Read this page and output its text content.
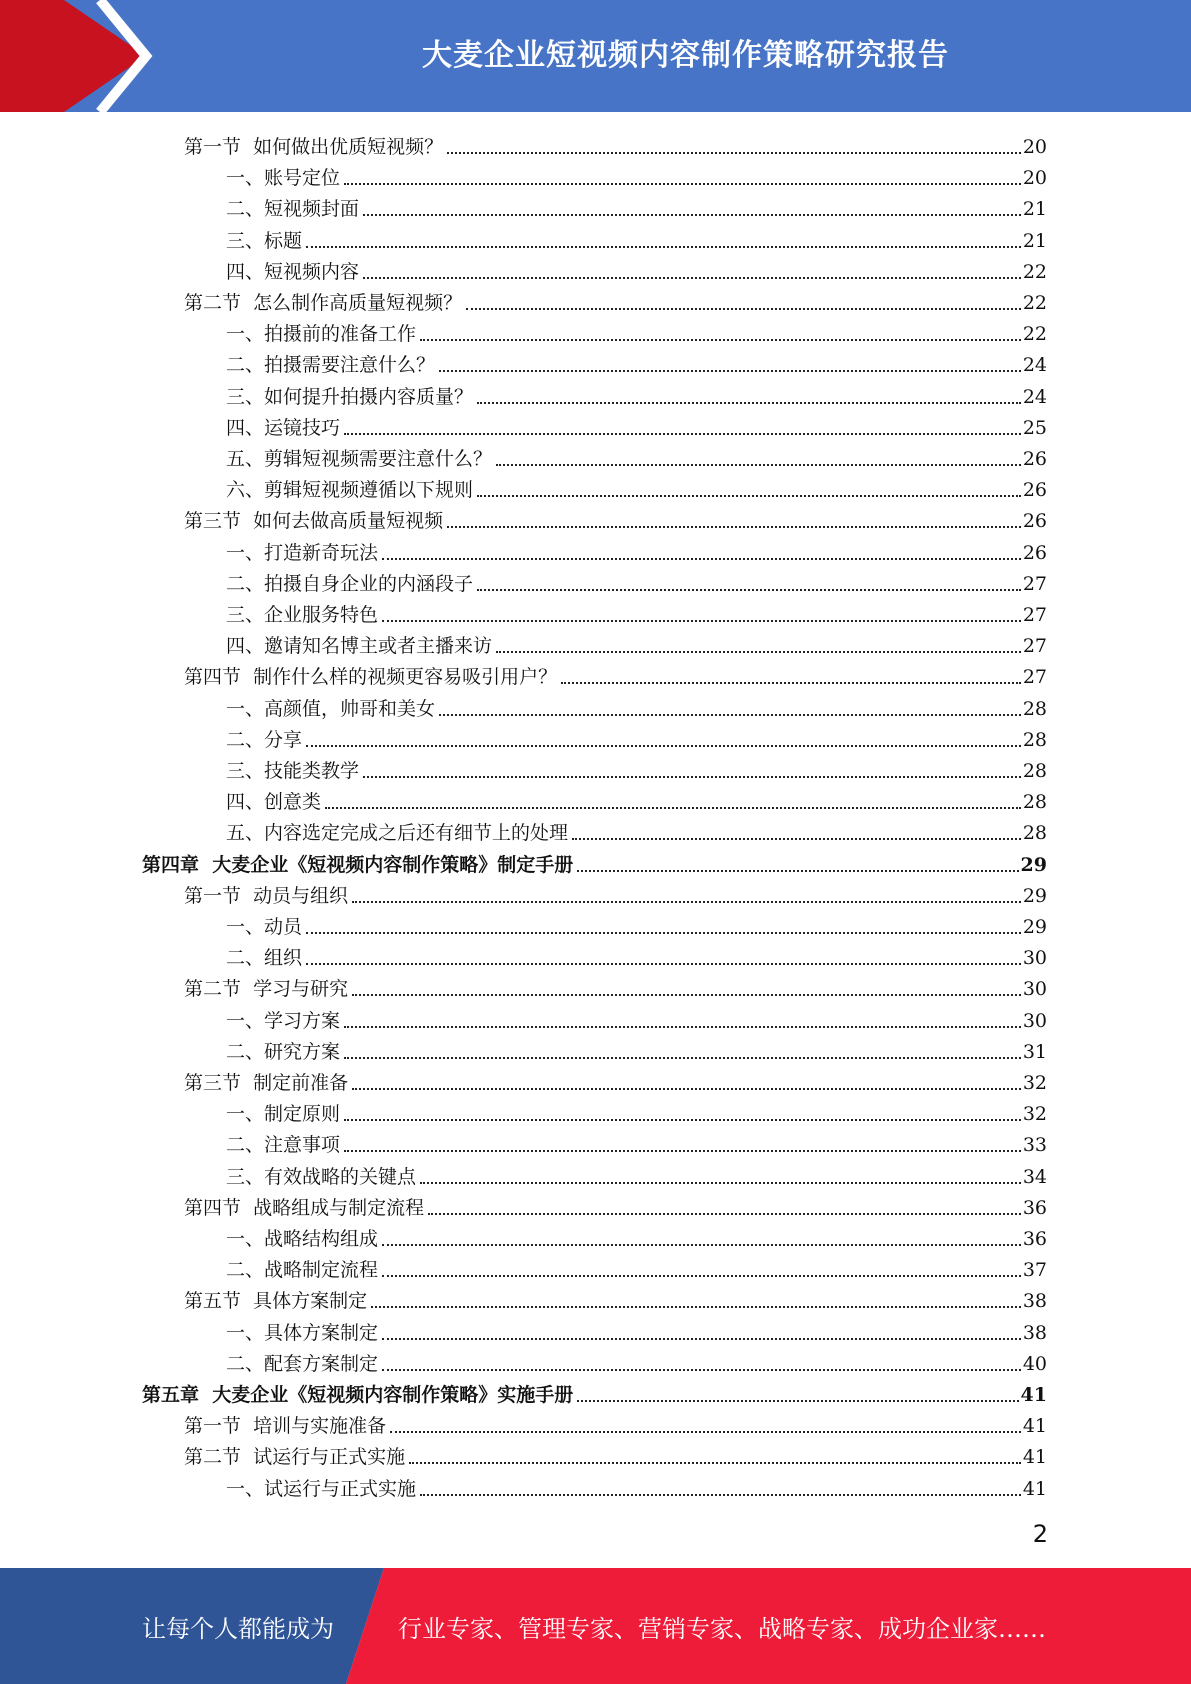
大麦企业短视频内容制作策略研究报告
第一节  如何做出优质短视频？	20
一、账号定位	20
二、短视频封面	21
三、标题	21
四、短视频内容	22
第二节  怎么制作高质量短视频？	22
一、拍摄前的准备工作	22
二、拍摄需要注意什么？	24
三、如何提升拍摄内容质量？	24
四、运镜技巧	25
五、剪辑短视频需要注意什么？	26
六、剪辑短视频遵循以下规则	26
第三节  如何去做高质量短视频	26
一、打造新奇玩法	26
二、拍摄自身企业的内涵段子	27
三、企业服务特色	27
四、邀请知名博主或者主播来访	27
第四节  制作什么样的视频更容易吸引用户？	27
一、高颜值，帅哥和美女	28
二、分享	28
三、技能类教学	28
四、创意类	28
五、内容选定完成之后还有细节上的处理	28
第四章  大麦企业《短视频内容制作策略》制定手册	29
第一节  动员与组织	29
一、动员	29
二、组织	30
第二节  学习与研究	30
一、学习方案	30
二、研究方案	31
第三节  制定前准备	32
一、制定原则	32
二、注意事项	33
三、有效战略的关键点	34
第四节  战略组成与制定流程	36
一、战略结构组成	36
二、战略制定流程	37
第五节  具体方案制定	38
一、具体方案制定	38
二、配套方案制定	40
第五章  大麦企业《短视频内容制作策略》实施手册	41
第一节  培训与实施准备	41
第二节  试运行与正式实施	41
一、试运行与正式实施	41
2
让每个人都能成为	行业专家、管理专家、营销专家、战略专家、成功企业家……
